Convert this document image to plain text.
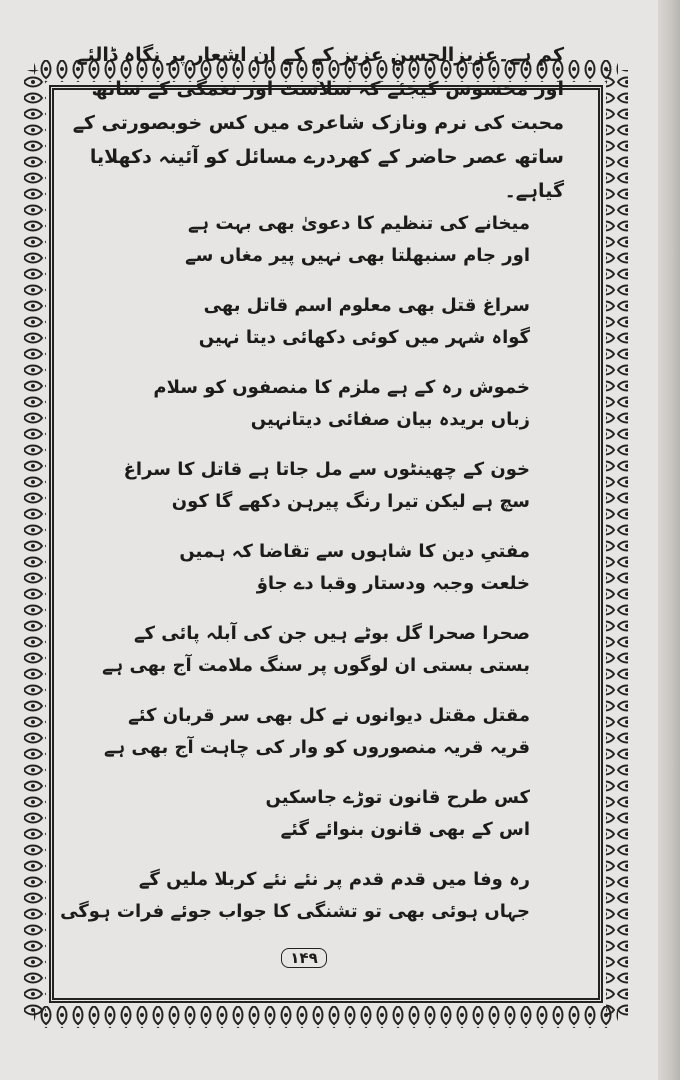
کم ہے۔عزیزالحسن عزیز کے کے ان اشعار پر نگاہ ڈالئے اور محسوس کیجئے کہ سلاست اور نغمگی کے ساتھ محبت کی نرم ونازک شاعری میں کس خوبصورتی کے ساتھ عصر حاضر کے کھردرے مسائل کو آئینہ دکھلایا گیاہے۔

میخانے کی تنظیم کا دعویٰ بھی بہت ہے
اور جام سنبھلتا بھی نہیں پیر مغاں سے
سراغ قتل بھی معلوم اسم قاتل بھی
گواہ شہر میں کوئی دکھائی دیتا نہیں
خموش رہ کے ہے ملزم کا منصفوں کو سلام
زباں بریدہ بیان صفائی دیتانہیں
خون کے چھینٹوں سے مل جاتا ہے قاتل کا سراغ
سچ ہے لیکن تیرا رنگ پیرہن دکھے گا کون
مفتیِ دین کا شاہوں سے تقاضا کہ ہمیں
خلعت وجبہ ودستار وقبا دے جاؤ
صحرا صحرا گل بوٹے ہیں جن کی آبلہ پائی کے
بستی بستی ان لوگوں پر سنگ ملامت آج بھی ہے
مقتل مقتل دیوانوں نے کل بھی سر قربان کئے
قریہ قریہ منصوروں کو وار کی چاہت آج بھی ہے
کس طرح قانون توڑے جاسکیں
اس کے بھی قانون بنوائے گئے
رہ وفا میں قدم قدم پر نئے نئے کربلا ملیں گے
جہاں ہوئی بھی تو تشنگی کا جواب جوئے فرات ہوگی
۱۴۹
